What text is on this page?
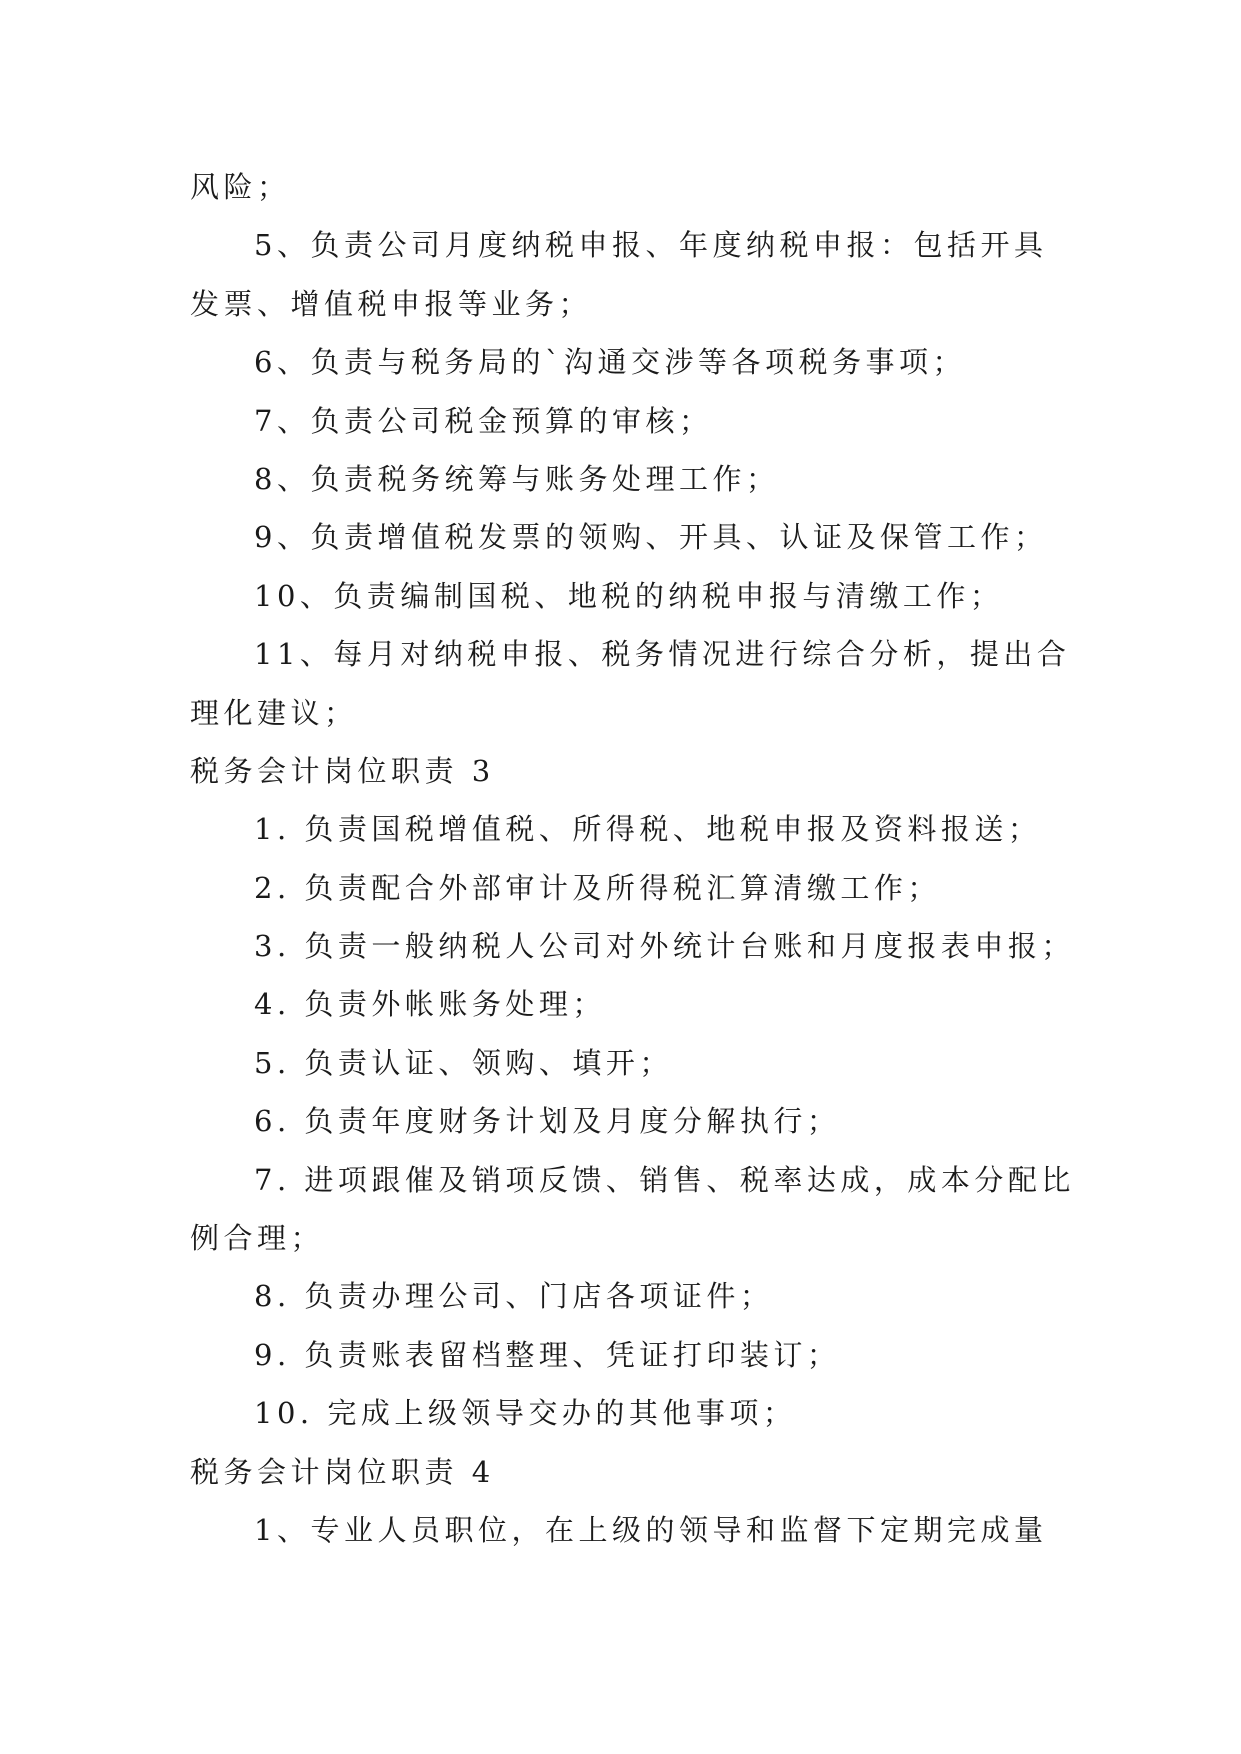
风险；
5、负责公司月度纳税申报、年度纳税申报：包括开具
发票、增值税申报等业务；
6、负责与税务局的`沟通交涉等各项税务事项；
7、负责公司税金预算的审核；
8、负责税务统筹与账务处理工作；
9、负责增值税发票的领购、开具、认证及保管工作；
10、负责编制国税、地税的纳税申报与清缴工作；
11、每月对纳税申报、税务情况进行综合分析，提出合
理化建议；
税务会计岗位职责 3
1. 负责国税增值税、所得税、地税申报及资料报送；
2. 负责配合外部审计及所得税汇算清缴工作；
3. 负责一般纳税人公司对外统计台账和月度报表申报；
4. 负责外帐账务处理；
5. 负责认证、领购、填开；
6. 负责年度财务计划及月度分解执行；
7. 进项跟催及销项反馈、销售、税率达成，成本分配比
例合理；
8. 负责办理公司、门店各项证件；
9. 负责账表留档整理、凭证打印装订；
10. 完成上级领导交办的其他事项；
税务会计岗位职责 4
1、专业人员职位，在上级的领导和监督下定期完成量
